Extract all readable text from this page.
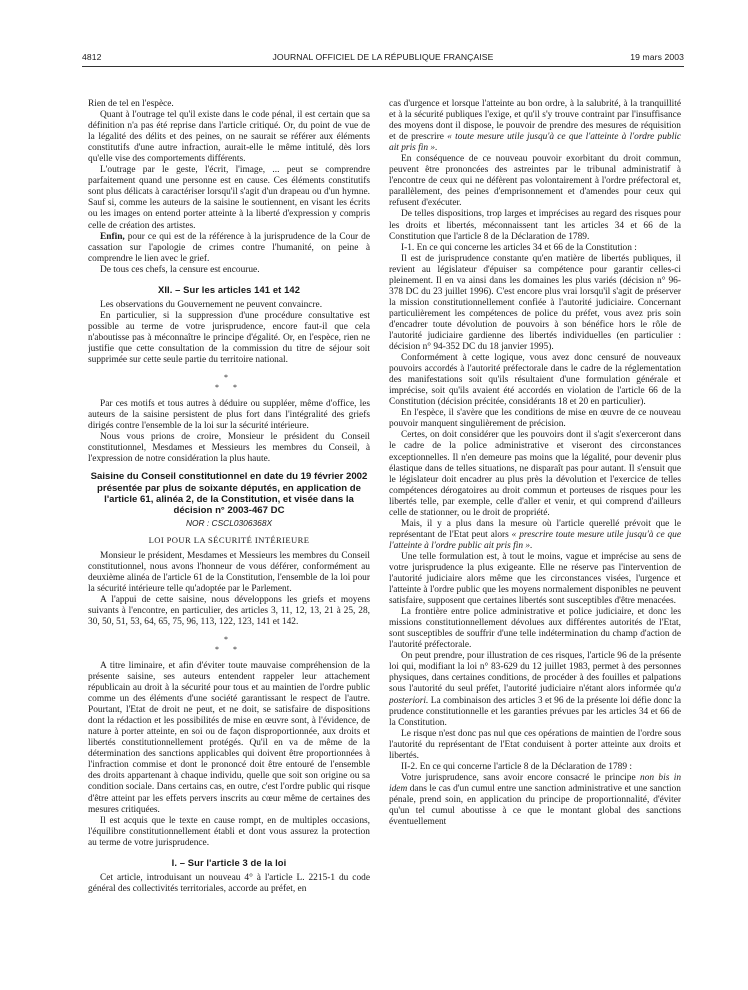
4812	JOURNAL OFFICIEL DE LA RÉPUBLIQUE FRANÇAISE	19 mars 2003

Rien de tel en l'espèce.

Quant à l'outrage tel qu'il existe dans le code pénal, il est certain que sa définition n'a pas été reprise dans l'article critiqué. Or, du point de vue de la légalité des délits et des peines, on ne saurait se référer aux éléments constitutifs d'une autre infraction, aurait-elle le même intitulé, dès lors qu'elle vise des comportements différents.

L'outrage par le geste, l'écrit, l'image, ... peut se comprendre parfaitement quand une personne est en cause. Ces éléments constitutifs sont plus délicats à caractériser lorsqu'il s'agit d'un drapeau ou d'un hymne. Sauf si, comme les auteurs de la saisine le soutiennent, en visant les écrits ou les images on entend porter atteinte à la liberté d'expression y compris celle de création des artistes.

Enfin, pour ce qui est de la référence à la jurisprudence de la Cour de cassation sur l'apologie de crimes contre l'humanité, on peine à comprendre le lien avec le grief.

De tous ces chefs, la censure est encourue.

XII. – Sur les articles 141 et 142

Les observations du Gouvernement ne peuvent convaincre.

En particulier, si la suppression d'une procédure consultative est possible au terme de votre jurisprudence, encore faut-il que cela n'aboutisse pas à méconnaître le principe d'égalité. Or, en l'espèce, rien ne justifie que cette consultation de la commission du titre de séjour soit supprimée sur cette seule partie du territoire national.

*
* *

Par ces motifs et tous autres à déduire ou suppléer, même d'office, les auteurs de la saisine persistent de plus fort dans l'intégralité des griefs dirigés contre l'ensemble de la loi sur la sécurité intérieure.

Nous vous prions de croire, Monsieur le président du Conseil constitutionnel, Mesdames et Messieurs les membres du Conseil, à l'expression de notre considération la plus haute.

Saisine du Conseil constitutionnel en date du 19 février 2002 présentée par plus de soixante députés, en application de l'article 61, alinéa 2, de la Constitution, et visée dans la décision n° 2003-467 DC
NOR : CSCL0306368X
LOI POUR LA SÉCURITÉ INTÉRIEURE

Monsieur le président, Mesdames et Messieurs les membres du Conseil constitutionnel, nous avons l'honneur de vous déférer, conformément au deuxième alinéa de l'article 61 de la Constitution, l'ensemble de la loi pour la sécurité intérieure telle qu'adoptée par le Parlement.

A l'appui de cette saisine, nous développons les griefs et moyens suivants à l'encontre, en particulier, des articles 3, 11, 12, 13, 21 à 25, 28, 30, 50, 51, 53, 64, 65, 75, 96, 113, 122, 123, 141 et 142.

*
* *

A titre liminaire, et afin d'éviter toute mauvaise compréhension de la présente saisine, ses auteurs entendent rappeler leur attachement républicain au droit à la sécurité pour tous et au maintien de l'ordre public comme un des éléments d'une société garantissant le respect de l'autre. Pourtant, l'Etat de droit ne peut, et ne doit, se satisfaire de dispositions dont la rédaction et les possibilités de mise en œuvre sont, à l'évidence, de nature à porter atteinte, en soi ou de façon disproportionnée, aux droits et libertés constitutionnellement protégés. Qu'il en va de même de la détermination des sanctions applicables qui doivent être proportionnées à l'infraction commise et dont le prononcé doit être entouré de l'ensemble des droits appartenant à chaque individu, quelle que soit son origine ou sa condition sociale. Dans certains cas, en outre, c'est l'ordre public qui risque d'être atteint par les effets pervers inscrits au cœur même de certaines des mesures critiquées.

Il est acquis que le texte en cause rompt, en de multiples occasions, l'équilibre constitutionnellement établi et dont vous assurez la protection au terme de votre jurisprudence.

I. – Sur l'article 3 de la loi

Cet article, introduisant un nouveau 4° à l'article L. 2215-1 du code général des collectivités territoriales, accorde au préfet, en

cas d'urgence et lorsque l'atteinte au bon ordre, à la salubrité, à la tranquillité et à la sécurité publiques l'exige, et qu'il s'y trouve contraint par l'insuffisance des moyens dont il dispose, le pouvoir de prendre des mesures de réquisition et de prescrire « toute mesure utile jusqu'à ce que l'atteinte à l'ordre public ait pris fin ».

En conséquence de ce nouveau pouvoir exorbitant du droit commun, peuvent être prononcées des astreintes par le tribunal administratif à l'encontre de ceux qui ne défèrent pas volontairement à l'ordre préfectoral et, parallèlement, des peines d'emprisonnement et d'amendes pour ceux qui refusent d'exécuter.

De telles dispositions, trop larges et imprécises au regard des risques pour les droits et libertés, méconnaissent tant les articles 34 et 66 de la Constitution que l'article 8 de la Déclaration de 1789.

I-1. En ce qui concerne les articles 34 et 66 de la Constitution :

Il est de jurisprudence constante qu'en matière de libertés publiques, il revient au législateur d'épuiser sa compétence pour garantir celles-ci pleinement. Il en va ainsi dans les domaines les plus variés (décision n° 96-378 DC du 23 juillet 1996). C'est encore plus vrai lorsqu'il s'agit de préserver la mission constitutionnellement confiée à l'autorité judiciaire. Concernant particulièrement les compétences de police du préfet, vous avez pris soin d'encadrer toute dévolution de pouvoirs à son bénéfice hors le rôle de l'autorité judiciaire gardienne des libertés individuelles (en particulier : décision n° 94-352 DC du 18 janvier 1995).

Conformément à cette logique, vous avez donc censuré de nouveaux pouvoirs accordés à l'autorité préfectorale dans le cadre de la réglementation des manifestations soit qu'ils résultaient d'une formulation générale et imprécise, soit qu'ils avaient été accordés en violation de l'article 66 de la Constitution (décision précitée, considérants 18 et 20 en particulier).

En l'espèce, il s'avère que les conditions de mise en œuvre de ce nouveau pouvoir manquent singulièrement de précision.

Certes, on doit considérer que les pouvoirs dont il s'agit s'exerceront dans le cadre de la police administrative et viseront des circonstances exceptionnelles. Il n'en demeure pas moins que la légalité, pour devenir plus élastique dans de telles situations, ne disparaît pas pour autant. Il s'ensuit que le législateur doit encadrer au plus près la dévolution et l'exercice de telles compétences dérogatoires au droit commun et porteuses de risques pour les libertés telle, par exemple, celle d'aller et venir, et qui comprend d'ailleurs celle de stationner, ou le droit de propriété.

Mais, il y a plus dans la mesure où l'article querellé prévoit que le représentant de l'Etat peut alors « prescrire toute mesure utile jusqu'à ce que l'atteinte à l'ordre public ait pris fin ».

Une telle formulation est, à tout le moins, vague et imprécise au sens de votre jurisprudence la plus exigeante. Elle ne réserve pas l'intervention de l'autorité judiciaire alors même que les circonstances visées, l'urgence et l'atteinte à l'ordre public que les moyens normalement disponibles ne peuvent satisfaire, supposent que certaines libertés sont susceptibles d'être menacées.

La frontière entre police administrative et police judiciaire, et donc les missions constitutionnellement dévolues aux différentes autorités de l'Etat, sont susceptibles de souffrir d'une telle indétermination du champ d'action de l'autorité préfectorale.

On peut prendre, pour illustration de ces risques, l'article 96 de la présente loi qui, modifiant la loi n° 83-629 du 12 juillet 1983, permet à des personnes physiques, dans certaines conditions, de procéder à des fouilles et palpations sous l'autorité du seul préfet, l'autorité judiciaire n'étant alors informée qu'a posteriori. La combinaison des articles 3 et 96 de la présente loi défie donc la prudence constitutionnelle et les garanties prévues par les articles 34 et 66 de la Constitution.

Le risque n'est donc pas nul que ces opérations de maintien de l'ordre sous l'autorité du représentant de l'Etat conduisent à porter atteinte aux droits et libertés.

II-2. En ce qui concerne l'article 8 de la Déclaration de 1789 :

Votre jurisprudence, sans avoir encore consacré le principe non bis in idem dans le cas d'un cumul entre une sanction administrative et une sanction pénale, prend soin, en application du principe de proportionnalité, d'éviter qu'un tel cumul aboutisse à ce que le montant global des sanctions éventuellement
